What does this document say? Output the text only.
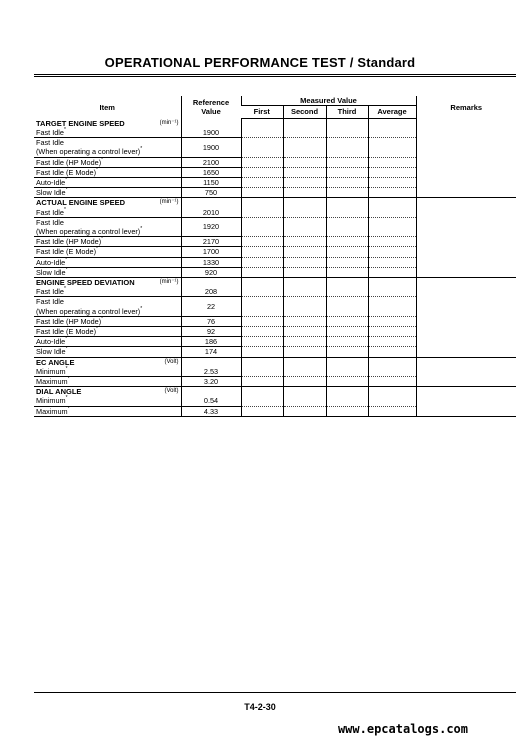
OPERATIONAL PERFORMANCE TEST / Standard
Item	Reference
Value	Measured Value				Remarks
		First	Second	Third	Average	
TARGET ENGINE SPEED (min⁻¹)						

Fast Idle*	1900					
Fast Idle
(When operating a control lever)*	1900					
Fast Idle (HP Mode)*	2100					
Fast Idle (E Mode)*	1650					
Auto-Idle*	1150					
Slow Idle*	750					
ACTUAL ENGINE SPEED (min⁻¹)						

Fast Idle*	2010					
Fast Idle
(When operating a control lever)*	1920					
Fast Idle (HP Mode)*	2170					
Fast Idle (E Mode)*	1700					
Auto-Idle*	1330					
Slow Idle*	920					
ENGINE SPEED DEVIATION (min⁻¹)						

Fast Idle*	208					
Fast Idle
(When operating a control lever)*	22					
Fast Idle (HP Mode)*	76					
Fast Idle (E Mode)*	92					
Auto-Idle*	186					
Slow Idle*	174					
EC ANGLE (Volt)						

Minimum*	2.53					
Maximum*	3.20					
DIAL ANGLE (Volt)						

Minimum*	0.54					
Maximum*	4.33					
T4-2-30
www.epcatalogs.com
